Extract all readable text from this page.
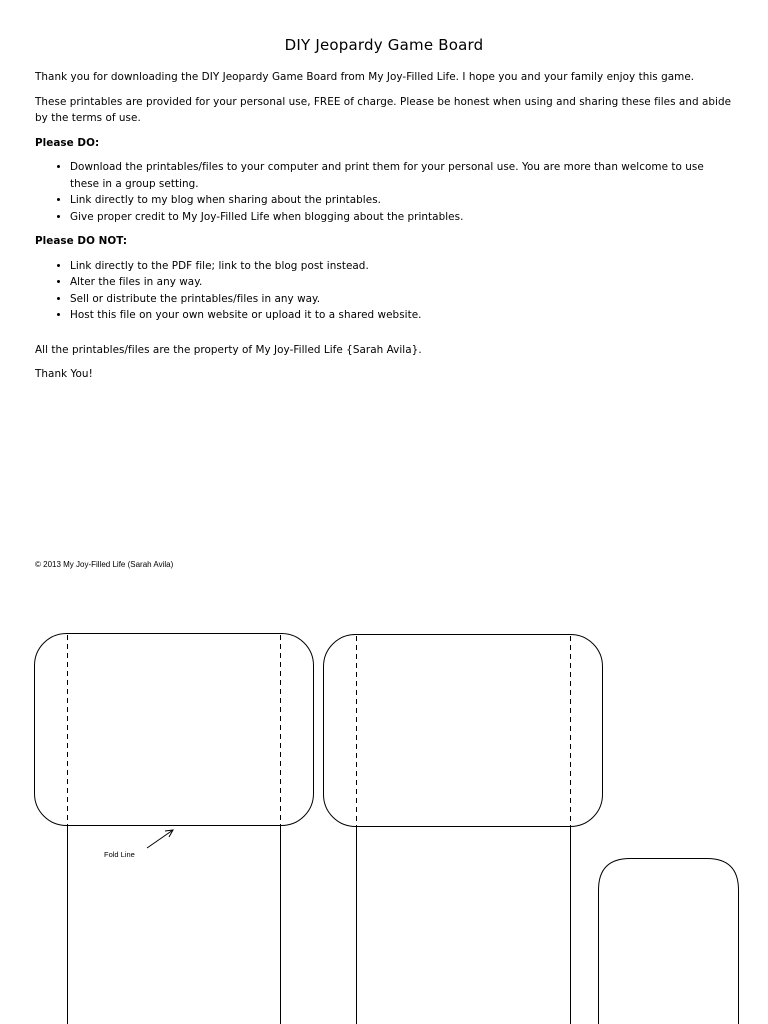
DIY Jeopardy Game Board

Thank you for downloading the DIY Jeopardy Game Board from My Joy-Filled Life. I hope you and your family enjoy this game.

These printables are provided for your personal use, FREE of charge. Please be honest when using and sharing these files and abide by the terms of use.

Please DO:
• Download the printables/files to your computer and print them for your personal use. You are more than welcome to use these in a group setting.
• Link directly to my blog when sharing about the printables.
• Give proper credit to My Joy-Filled Life when blogging about the printables.
Please DO NOT:
• Link directly to the PDF file; link to the blog post instead.
• Alter the files in any way.
• Sell or distribute the printables/files in any way.
• Host this file on your own website or upload it to a shared website.

All the printables/files are the property of My Joy-Filled Life {Sarah Avila}.

Thank You!

© 2013 My Joy-Filled Life (Sarah Avila)
Fold Line
